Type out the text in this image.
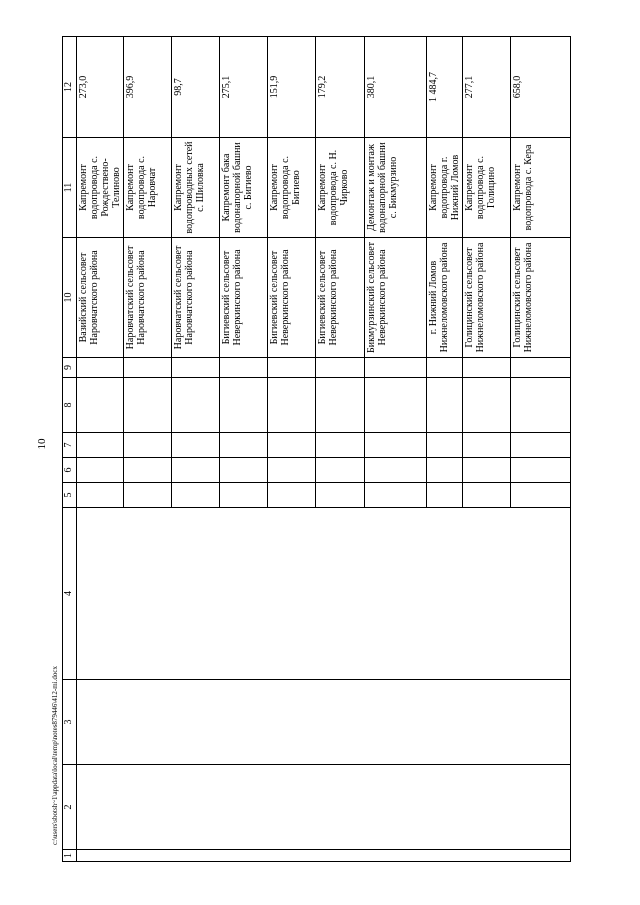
10
1	2	3	4	5	6	7	8	9	10	11	12

									Вазийский сельсовет Наровчатского района	Капремонт водопровода с. Рождествено-Телиново	273,0

									Наровчатский сельсовет Наровчатского района	Капремонт водопровода с. Наровчат	396,9

									Наровчатский сельсовет Наровчатского района	Капремонт водопроводных сетей с. Шиловка	98,7

									Бигиевский сельсовет Неверкинского района	Капремонт бака водонапорной башни с. Бигиево	275,1

									Бигиевский сельсовет Неверкинского района	Капремонт водопровода с. Бигиево	151,9

									Бигиевский сельсовет Неверкинского района	Капремонт водопровода с. Н. Чирково	179,2

									Бикмурзинский сельсовет Неверкинского района	Демонтаж и монтаж водонапорной башни с. Бикмурзино	380,1

									г. Нижний Ломов Нижнеломовского района	Капремонт водопровода г. Нижний Ломов	1 484,7

									Голицинский сельсовет Нижнеломовского района	Капремонт водопровода с. Голицино	277,1

									Голицинский сельсовет Нижнеломовского района	Капремонт водопровода с. Кера	658,0
c:\users\sbotsh~1\appdata\local\temp\notes879446\412-mi.docx
